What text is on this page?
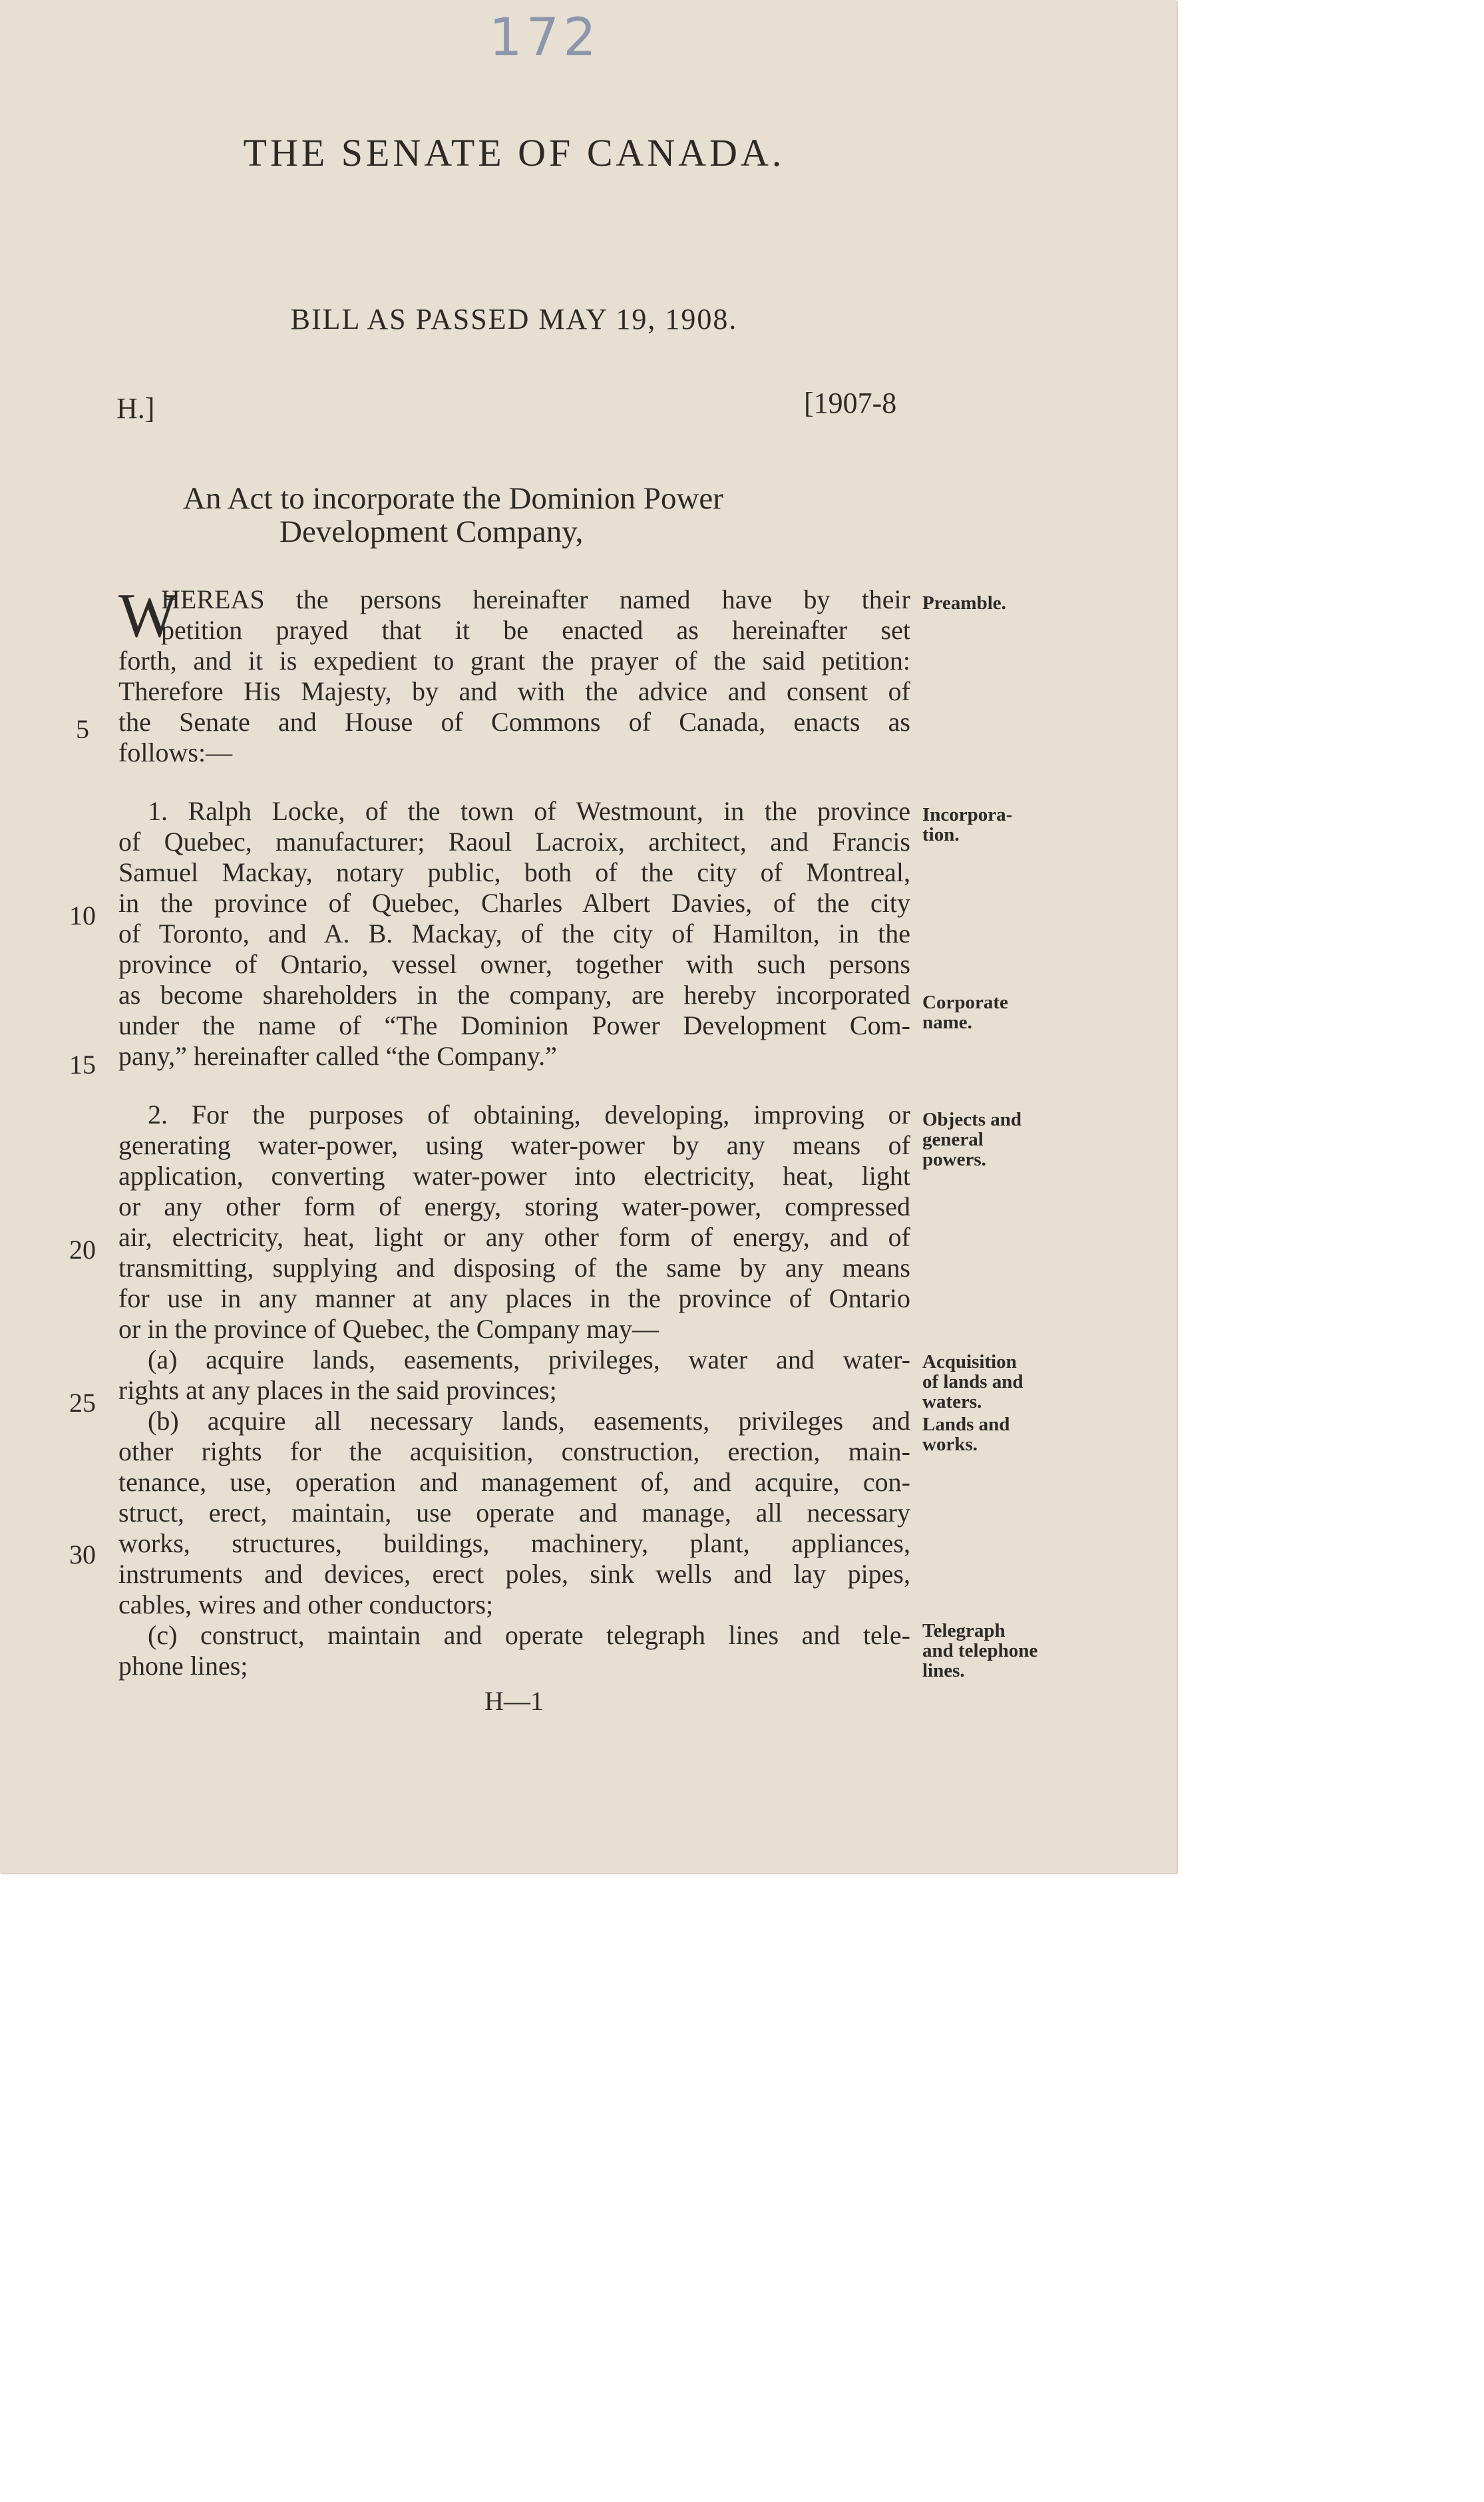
172
THE SENATE OF CANADA.
BILL AS PASSED MAY 19, 1908.
H.]	[1907-8
An Act to incorporate the Dominion Power
Development Company,
W
HEREAS the persons hereinafter named have by their
petition prayed that it be enacted as hereinafter set
forth, and it is expedient to grant the prayer of the said petition:
Therefore His Majesty, by and with the advice and consent of
the Senate and House of Commons of Canada, enacts as
follows:—
1. Ralph Locke, of the town of Westmount, in the province
of Quebec, manufacturer; Raoul Lacroix, architect, and Francis
Samuel Mackay, notary public, both of the city of Montreal,
in the province of Quebec, Charles Albert Davies, of the city
of Toronto, and A. B. Mackay, of the city of Hamilton, in the
province of Ontario, vessel owner, together with such persons
as become shareholders in the company, are hereby incorporated
under the name of “The Dominion Power Development Com-
pany,” hereinafter called “the Company.”
2. For the purposes of obtaining, developing, improving or
generating water-power, using water-power by any means of
application, converting water-power into electricity, heat, light
or any other form of energy, storing water-power, compressed
air, electricity, heat, light or any other form of energy, and of
transmitting, supplying and disposing of the same by any means
for use in any manner at any places in the province of Ontario
or in the province of Quebec, the Company may—
(a) acquire lands, easements, privileges, water and water-
rights at any places in the said provinces;
(b) acquire all necessary lands, easements, privileges and
other rights for the acquisition, construction, erection, main-
tenance, use, operation and management of, and acquire, con-
struct, erect, maintain, use operate and manage, all necessary
works, structures, buildings, machinery, plant, appliances,
instruments and devices, erect poles, sink wells and lay pipes,
cables, wires and other conductors;
(c) construct, maintain and operate telegraph lines and tele-
phone lines;
5
10
15
20
25
30
Preamble.
Incorpora-
tion.
Corporate
name.
Objects and
general
powers.
Acquisition
of lands and
waters.
Lands and
works.
Telegraph
and telephone
lines.
H—1
